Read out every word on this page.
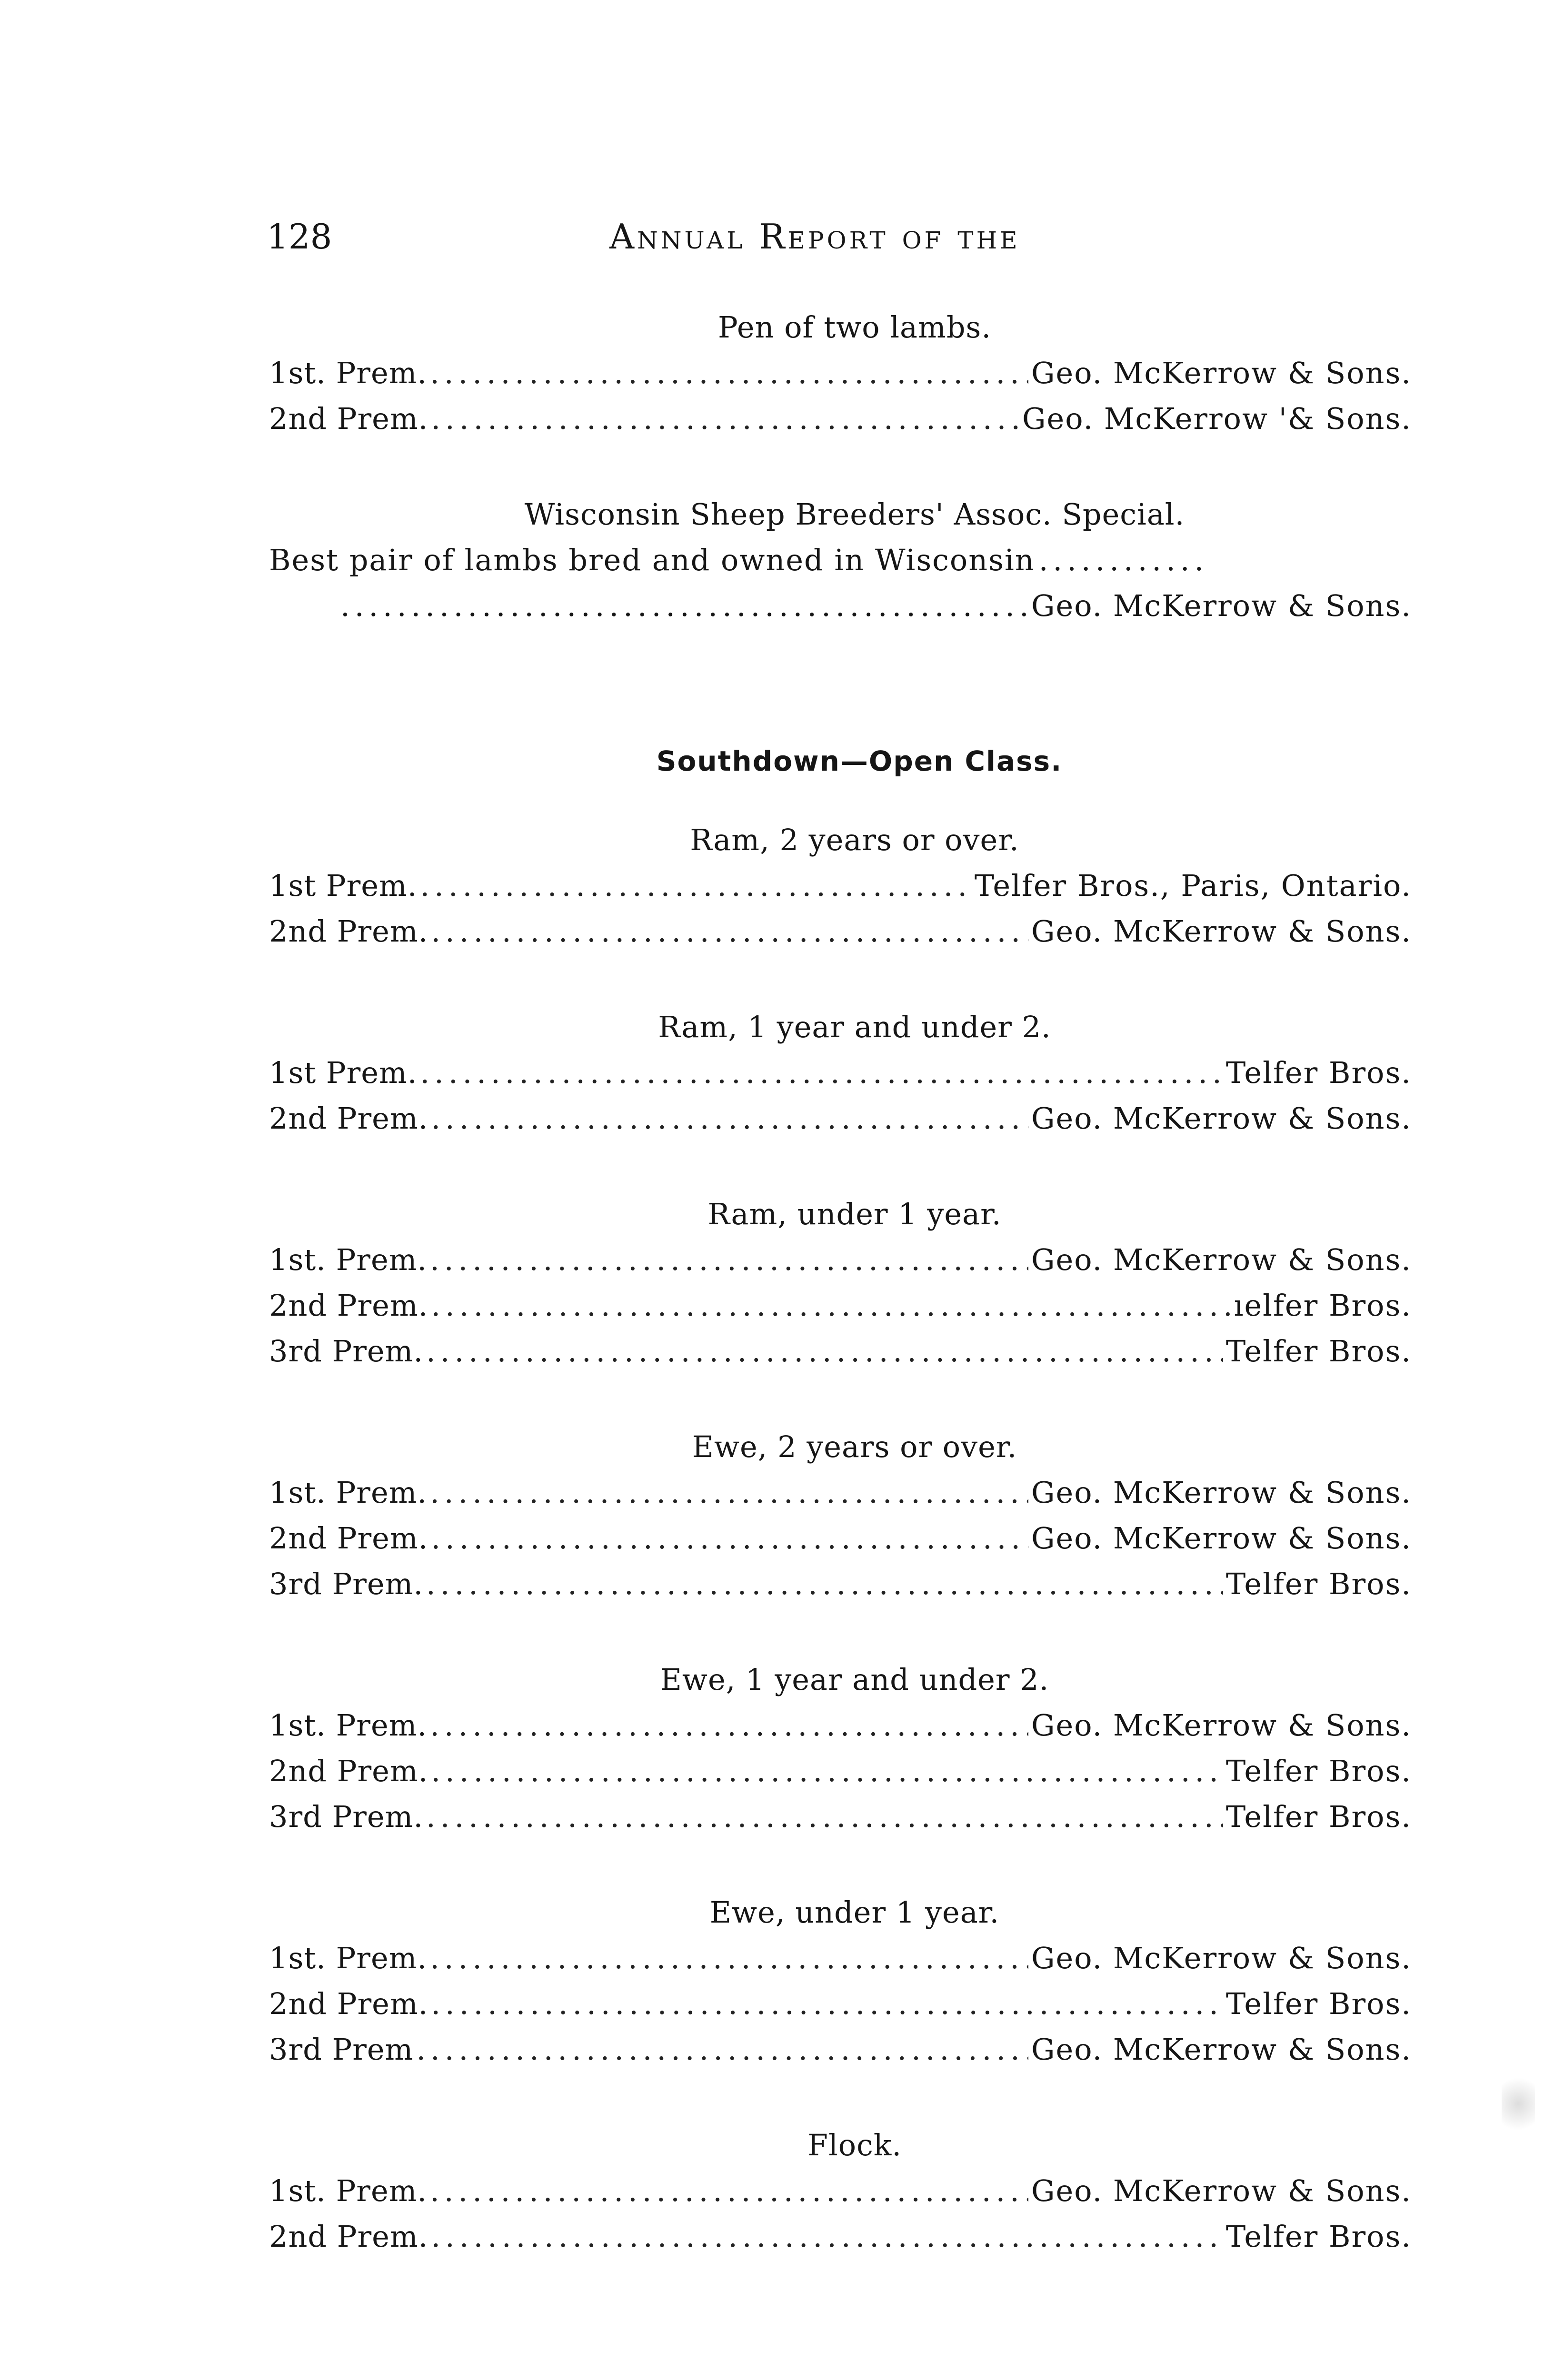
128	Annual Report of the
Pen of two lambs.
1st. Prem. .....	Geo. McKerrow & Sons.
2nd Prem. .....	Geo. McKerrow '& Sons.
Wisconsin Sheep Breeders' Assoc. Special.
Best pair of lambs bred and owned in Wisconsin
.....
.....
Geo. McKerrow & Sons.
Southdown—Open Class.
Ram, 2 years or over.
1st Prem. .....	Telfer Bros., Paris, Ontario.
2nd Prem. .....	Geo. McKerrow & Sons.
Ram, 1 year and under 2.
1st Prem. .....	Telfer Bros.
2nd Prem. .....	Geo. McKerrow & Sons.
Ram, under 1 year.
1st. Prem. .....	Geo. McKerrow & Sons.
2nd Prem. .....	ıelfer Bros.
3rd Prem. .....	Telfer Bros.
Ewe, 2 years or over.
1st. Prem. .....	Geo. McKerrow & Sons.
2nd Prem. .....	Geo. McKerrow & Sons.
3rd Prem. .....	Telfer Bros.
Ewe, 1 year and under 2.
1st. Prem. .....	Geo. McKerrow & Sons.
2nd Prem. .....	Telfer Bros.
3rd Prem. .....	Telfer Bros.
Ewe, under 1 year.
1st. Prem. .....	Geo. McKerrow & Sons.
2nd Prem. .....	Telfer Bros.
3rd Prem .....	Geo. McKerrow & Sons.
Flock.
1st. Prem. .....	Geo. McKerrow & Sons.
2nd Prem. .....	Telfer Bros.
